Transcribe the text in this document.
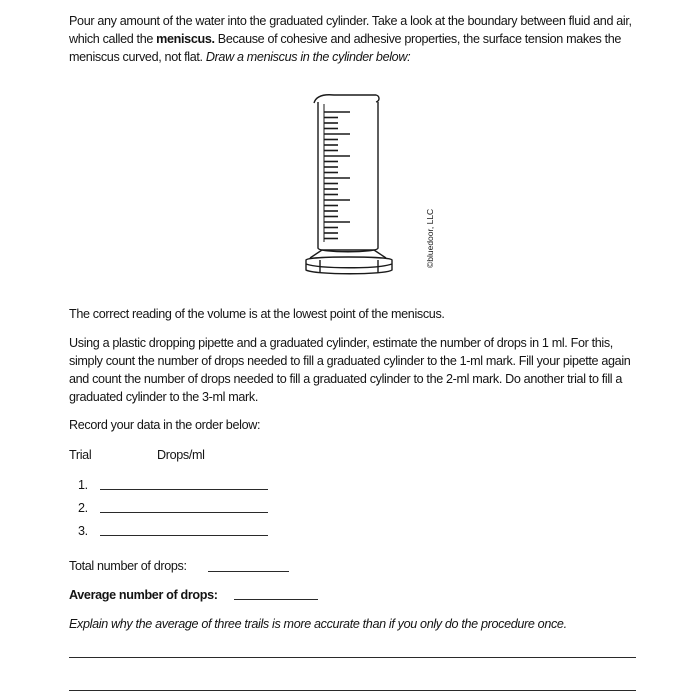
Pour any amount of the water into the graduated cylinder. Take a look at the boundary between fluid and air, which called the meniscus. Because of cohesive and adhesive properties, the surface tension makes the meniscus curved, not flat. Draw a meniscus in the cylinder below:

©bluedoor, LLC

The correct reading of the volume is at the lowest point of the meniscus.

Using a plastic dropping pipette and a graduated cylinder, estimate the number of drops in 1 ml. For this, simply count the number of drops needed to fill a graduated cylinder to the 1-ml mark. Fill your pipette again and count the number of drops needed to fill a graduated cylinder to the 2-ml mark. Do another trial to fill a graduated cylinder to the 3-ml mark.

Record your data in the order below:

Trial	Drops/ml
1.
2.
3.
Total number of drops:
Average number of drops:

Explain why the average of three trails is more accurate than if you only do the procedure once.
